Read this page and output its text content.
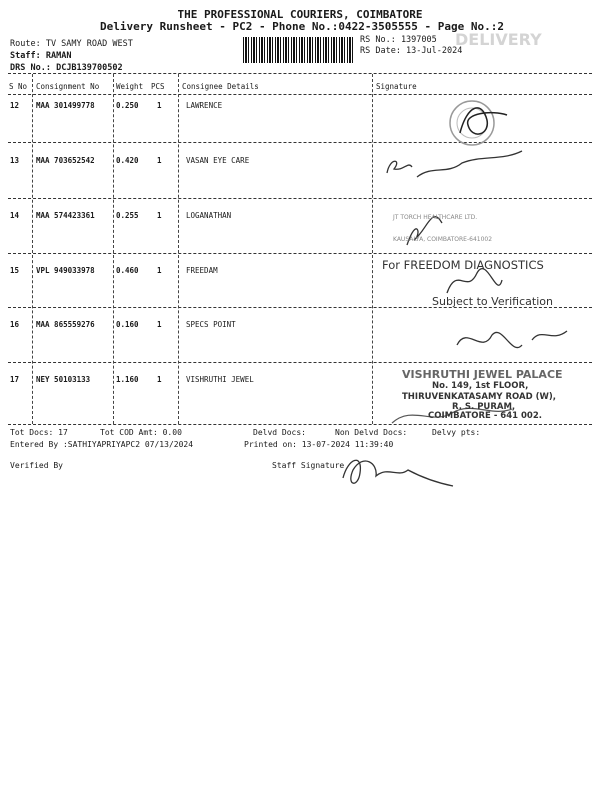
THE PROFESSIONAL COURIERS, COIMBATORE
Delivery Runsheet - PC2 - Phone No.:0422-3505555 - Page No.:2
DELIVERY
Route: TV SAMY ROAD WEST
Staff: RAMAN
DRS No.: DCJB139700502
RS No.: 1397005
RS Date: 13-Jul-2024
S No Consignment No Weight PCS Consignee Details	Signature
12 MAA 301499778	0.250 1	LAWRENCE
13 MAA 703652542	0.420 1	VASAN EYE CARE
14 MAA 574423361	0.255 1	LOGANATHAN
15 VPL 949033978	0.460 1	FREEDAM
16 MAA 865559276	0.160 1	SPECS POINT
17 NEY 50103133	1.160 1	VISHRUTHI JEWEL
JT TORCH HEALTHCARE LTD.
KAUSALYA, COIMBATORE-641002
For FREEDOM DIAGNOSTICS
Subject to Verification
VISHRUTHI JEWEL PALACE
No. 149, 1st FLOOR,
THIRUVENKATASAMY ROAD (W),
R. S. PURAM,
COIMBATORE - 641 002.
Tot Docs: 17	Tot COD Amt: 0.00	Delvd Docs:	Non Delvd Docs:	Delvy pts:
Entered By :SATHIYAPRIYAPC2 07/13/2024	Printed on: 13-07-2024 11:39:40
Verified By	Staff Signature
